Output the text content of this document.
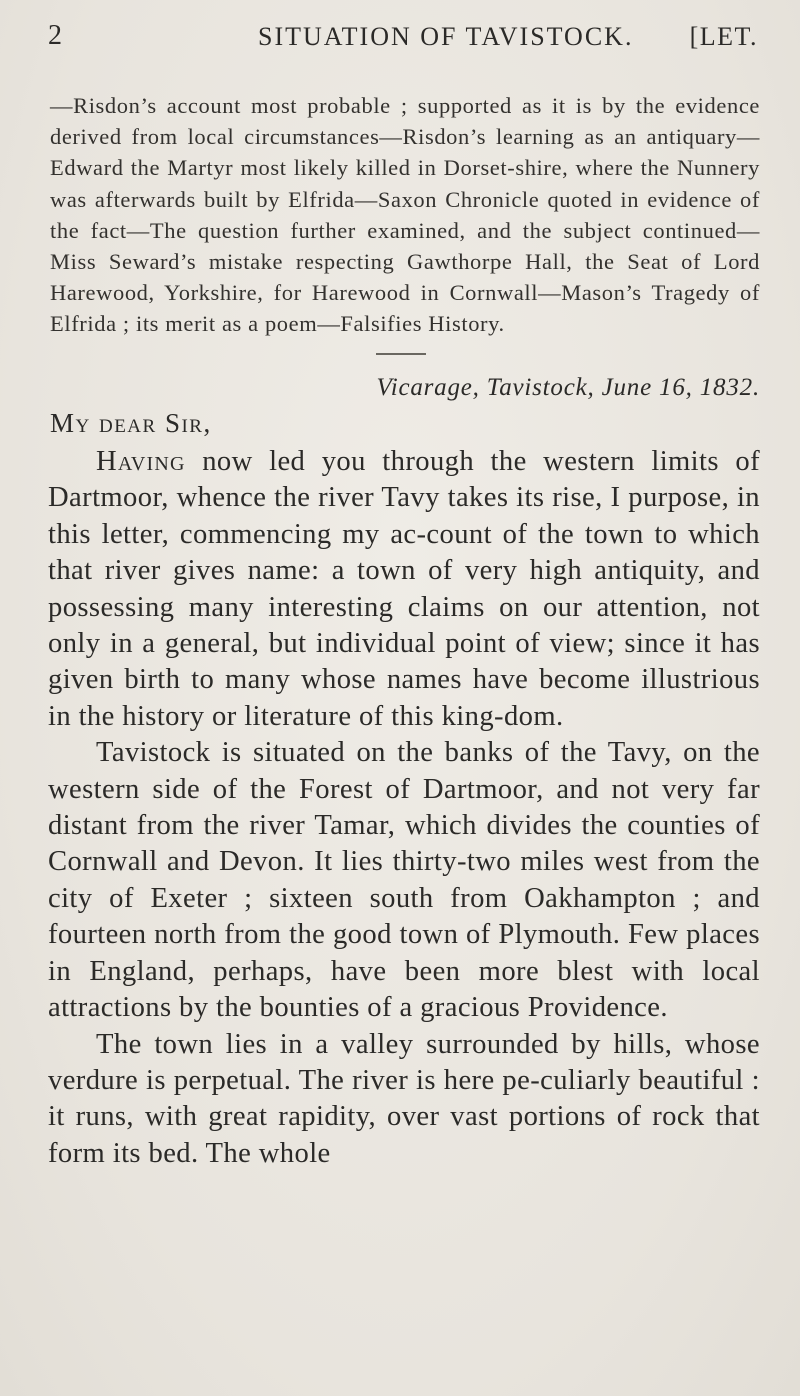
2	SITUATION OF TAVISTOCK. [LET.

—Risdon’s account most probable ; supported as it is by the evidence derived from local circumstances—Risdon’s learning as an antiquary—Edward the Martyr most likely killed in Dorset-shire, where the Nunnery was afterwards built by Elfrida—Saxon Chronicle quoted in evidence of the fact—The question further examined, and the subject continued—Miss Seward’s mistake respecting Gawthorpe Hall, the Seat of Lord Harewood, Yorkshire, for Harewood in Cornwall—Mason’s Tragedy of Elfrida ; its merit as a poem—Falsifies History.

Vicarage, Tavistock, June 16, 1832.
My dear Sir,

Having now led you through the western limits of Dartmoor, whence the river Tavy takes its rise, I purpose, in this letter, commencing my ac-count of the town to which that river gives name: a town of very high antiquity, and possessing many interesting claims on our attention, not only in a general, but individual point of view; since it has given birth to many whose names have become illustrious in the history or literature of this king-dom.

Tavistock is situated on the banks of the Tavy, on the western side of the Forest of Dartmoor, and not very far distant from the river Tamar, which divides the counties of Cornwall and Devon. It lies thirty-two miles west from the city of Exeter ; sixteen south from Oakhampton ; and fourteen north from the good town of Plymouth. Few places in England, perhaps, have been more blest with local attractions by the bounties of a gracious Providence.

The town lies in a valley surrounded by hills, whose verdure is perpetual. The river is here pe-culiarly beautiful : it runs, with great rapidity, over vast portions of rock that form its bed. The whole
